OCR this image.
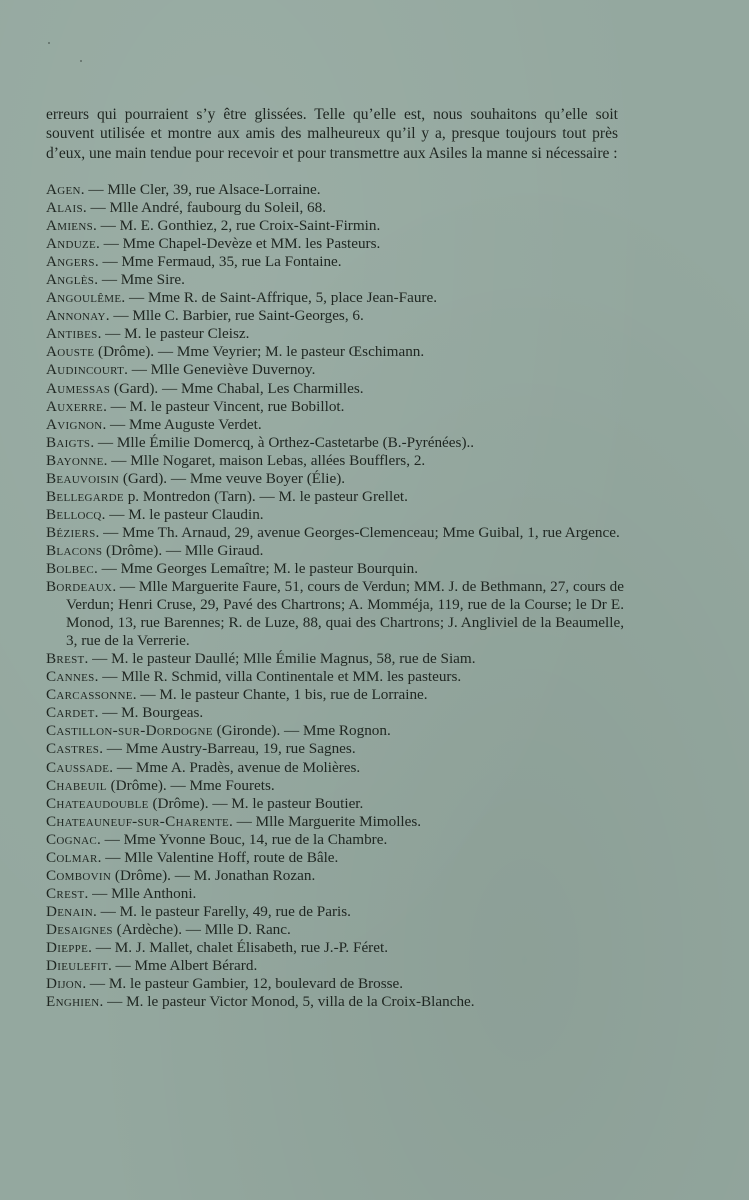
erreurs qui pourraient s’y être glissées. Telle qu’elle est, nous souhaitons qu’elle soit souvent utilisée et montre aux amis des malheureux qu’il y a, presque toujours tout près d’eux, une main tendue pour recevoir et pour transmettre aux Asiles la manne si nécessaire :

Agen. — Mlle Cler, 39, rue Alsace-Lorraine.

Alais. — Mlle André, faubourg du Soleil, 68.

Amiens. — M. E. Gonthiez, 2, rue Croix-Saint-Firmin.

Anduze. — Mme Chapel-Devèze et MM. les Pasteurs.

Angers. — Mme Fermaud, 35, rue La Fontaine.

Anglès. — Mme Sire.

Angoulême. — Mme R. de Saint-Affrique, 5, place Jean-Faure.

Annonay. — Mlle C. Barbier, rue Saint-Georges, 6.

Antibes. — M. le pasteur Cleisz.

Aouste (Drôme). — Mme Veyrier; M. le pasteur Œschimann.

Audincourt. — Mlle Geneviève Duvernoy.

Aumessas (Gard). — Mme Chabal, Les Charmilles.

Auxerre. — M. le pasteur Vincent, rue Bobillot.

Avignon. — Mme Auguste Verdet.

Baigts. — Mlle Émilie Domercq, à Orthez-Castetarbe (B.-Pyrénées)..

Bayonne. — Mlle Nogaret, maison Lebas, allées Boufflers, 2.

Beauvoisin (Gard). — Mme veuve Boyer (Élie).

Bellegarde p. Montredon (Tarn). — M. le pasteur Grellet.

Bellocq. — M. le pasteur Claudin.

Béziers. — Mme Th. Arnaud, 29, avenue Georges-Clemenceau; Mme Guibal, 1, rue Argence.

Blacons (Drôme). — Mlle Giraud.

Bolbec. — Mme Georges Lemaître; M. le pasteur Bourquin.

Bordeaux. — Mlle Marguerite Faure, 51, cours de Verdun; MM. J. de Bethmann, 27, cours de Verdun; Henri Cruse, 29, Pavé des Chartrons; A. Momméja, 119, rue de la Course; le Dr E. Monod, 13, rue Barennes; R. de Luze, 88, quai des Chartrons; J. Angliviel de la Beaumelle, 3, rue de la Verrerie.

Brest. — M. le pasteur Daullé; Mlle Émilie Magnus, 58, rue de Siam.

Cannes. — Mlle R. Schmid, villa Continentale et MM. les pasteurs.

Carcassonne. — M. le pasteur Chante, 1 bis, rue de Lorraine.

Cardet. — M. Bourgeas.

Castillon-sur-Dordogne (Gironde). — Mme Rognon.

Castres. — Mme Austry-Barreau, 19, rue Sagnes.

Caussade. — Mme A. Pradès, avenue de Molières.

Chabeuil (Drôme). — Mme Fourets.

Chateaudouble (Drôme). — M. le pasteur Boutier.

Chateauneuf-sur-Charente. — Mlle Marguerite Mimolles.

Cognac. — Mme Yvonne Bouc, 14, rue de la Chambre.

Colmar. — Mlle Valentine Hoff, route de Bâle.

Combovin (Drôme). — M. Jonathan Rozan.

Crest. — Mlle Anthoni.

Denain. — M. le pasteur Farelly, 49, rue de Paris.

Desaignes (Ardèche). — Mlle D. Ranc.

Dieppe. — M. J. Mallet, chalet Élisabeth, rue J.-P. Féret.

Dieulefit. — Mme Albert Bérard.

Dijon. — M. le pasteur Gambier, 12, boulevard de Brosse.

Enghien. — M. le pasteur Victor Monod, 5, villa de la Croix-Blanche.
